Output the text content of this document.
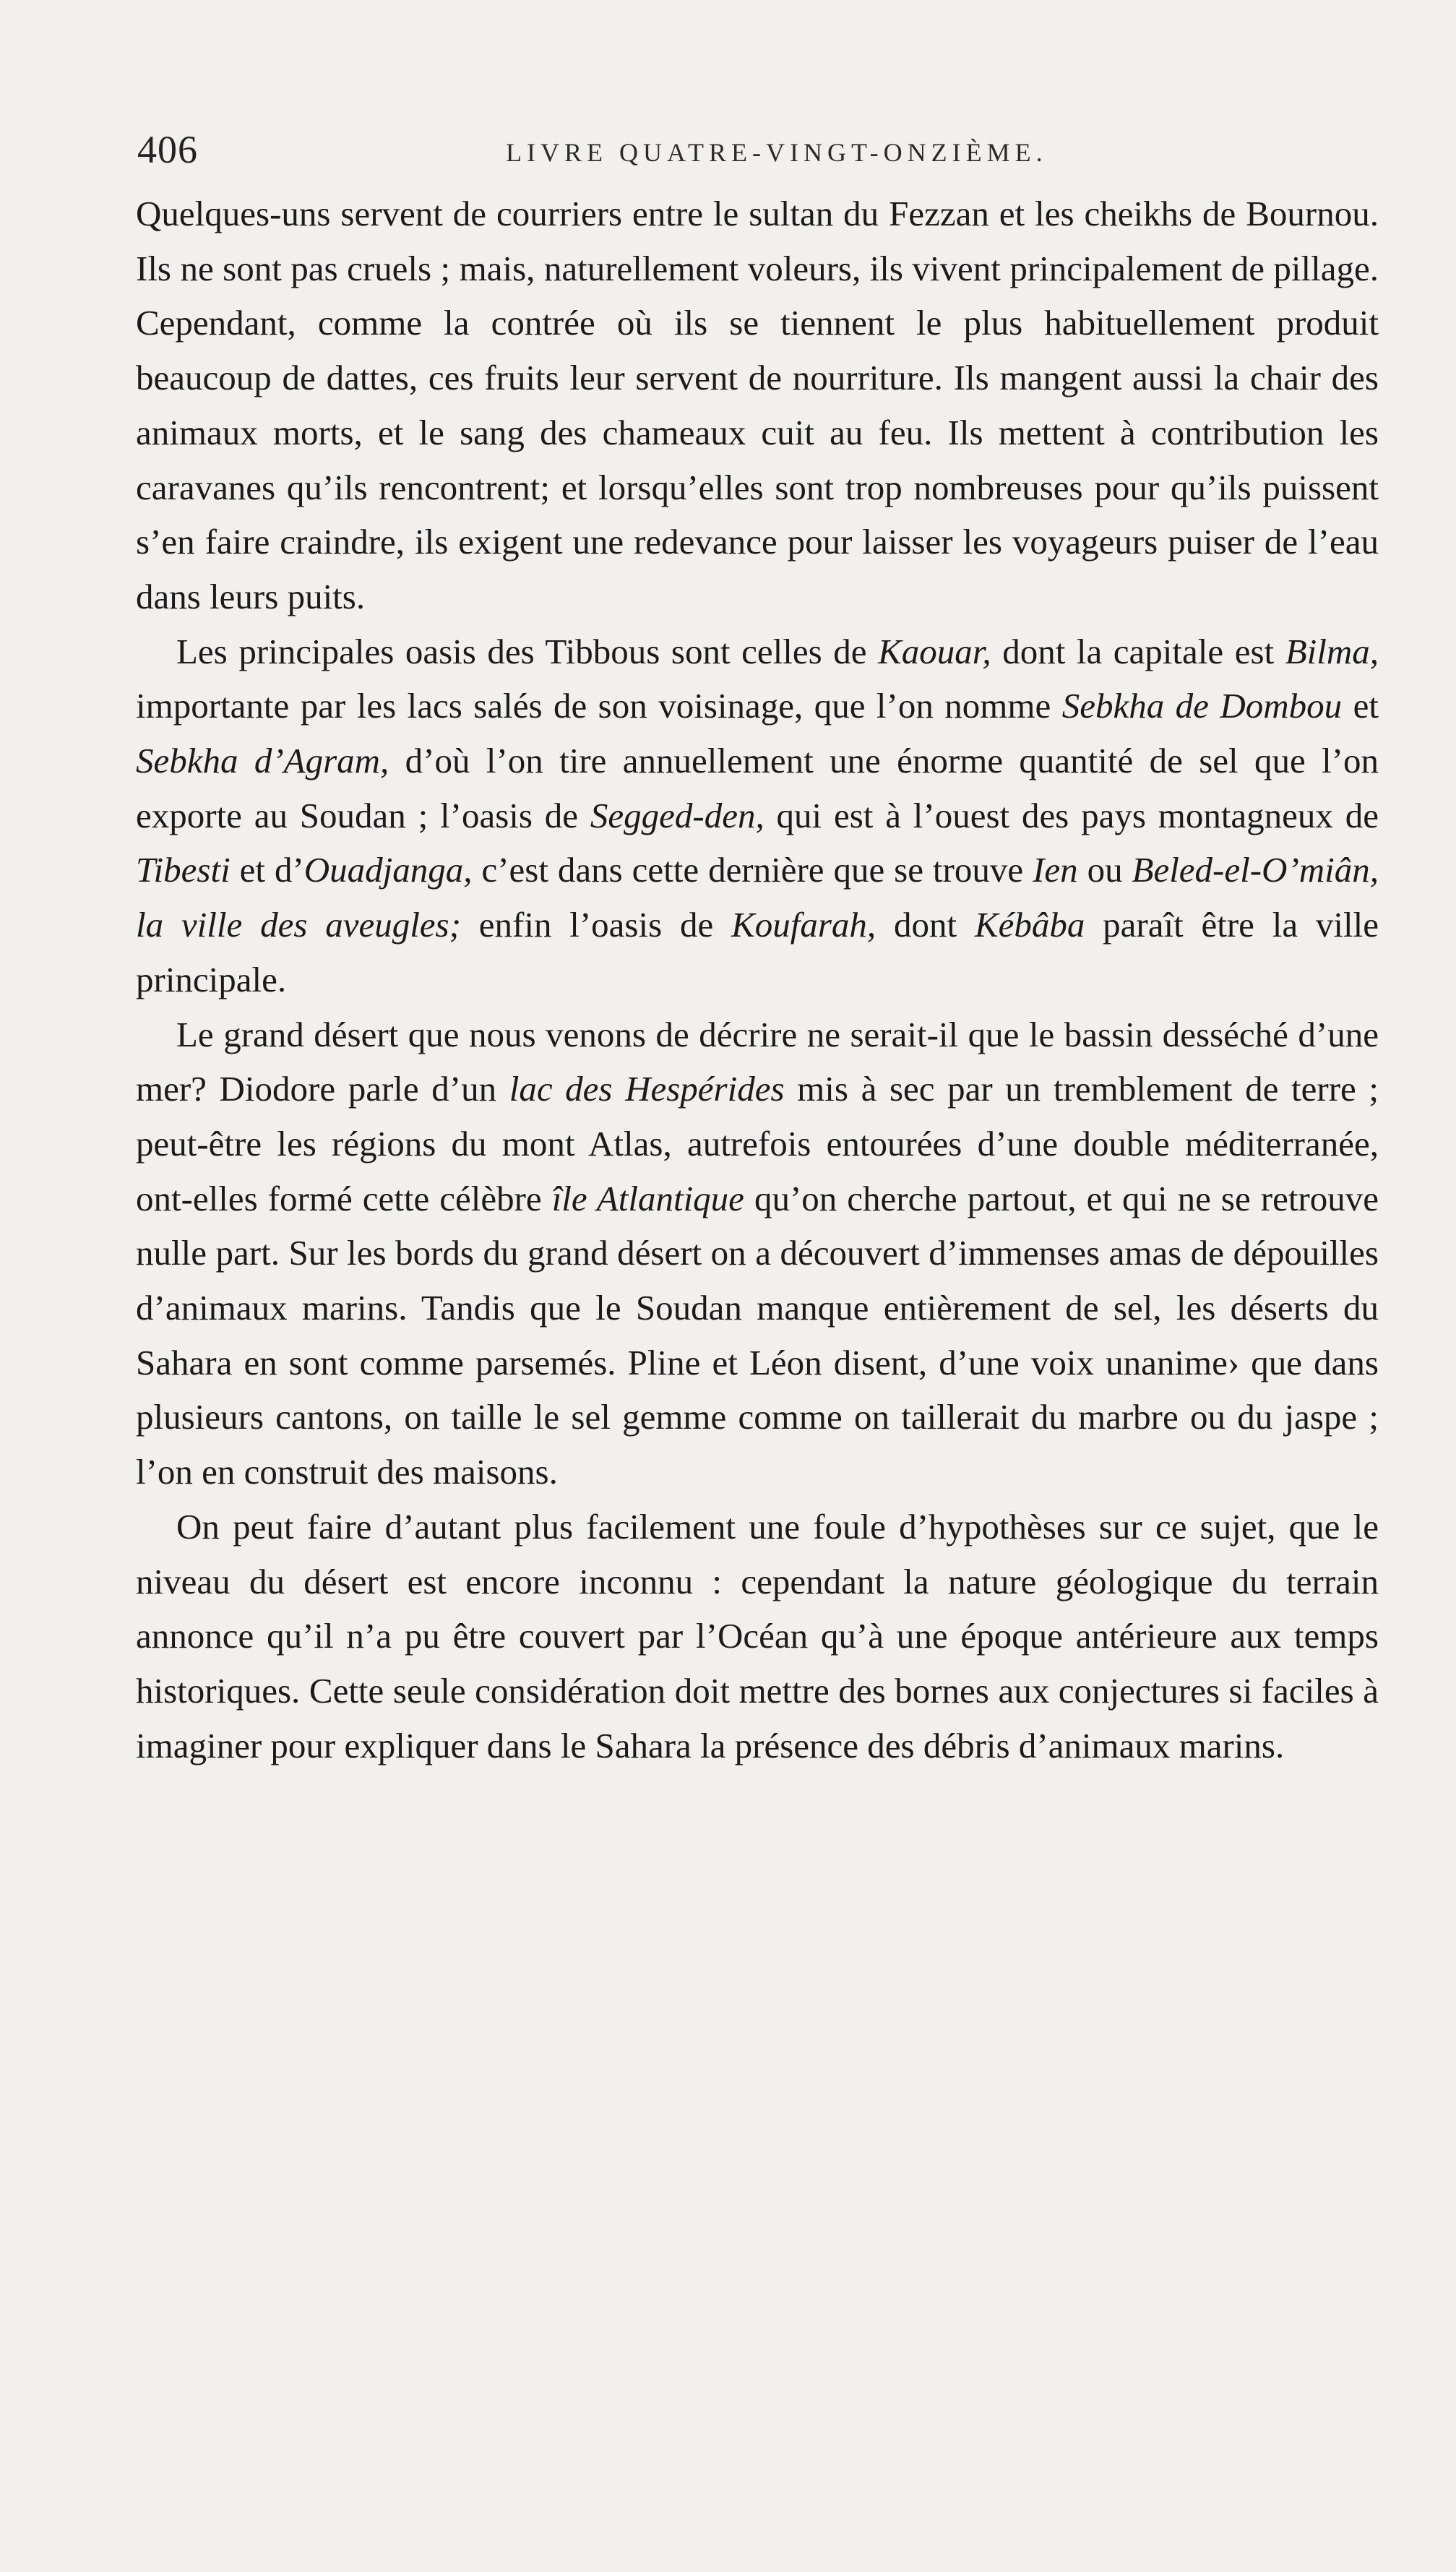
406	LIVRE QUATRE-VINGT-ONZIÈME.

Quelques-uns servent de courriers entre le sultan du Fezzan et les cheikhs de Bournou. Ils ne sont pas cruels ; mais, naturellement voleurs, ils vivent principalement de pillage. Cependant, comme la contrée où ils se tiennent le plus habituellement produit beaucoup de dattes, ces fruits leur servent de nourriture. Ils mangent aussi la chair des animaux morts, et le sang des chameaux cuit au feu. Ils mettent à contribution les caravanes qu’ils rencontrent; et lorsqu’elles sont trop nombreuses pour qu’ils puissent s’en faire craindre, ils exigent une redevance pour laisser les voyageurs puiser de l’eau dans leurs puits.

Les principales oasis des Tibbous sont celles de Kaouar, dont la capitale est Bilma, importante par les lacs salés de son voisinage, que l’on nomme Sebkha de Dombou et Sebkha d’Agram, d’où l’on tire annuellement une énorme quantité de sel que l’on exporte au Soudan ; l’oasis de Segged-den, qui est à l’ouest des pays montagneux de Tibesti et d’Ouadjanga, c’est dans cette dernière que se trouve Ien ou Beled-el-O’miân, la ville des aveugles; enfin l’oasis de Koufarah, dont Kébâba paraît être la ville principale.

Le grand désert que nous venons de décrire ne serait-il que le bassin desséché d’une mer? Diodore parle d’un lac des Hespérides mis à sec par un tremblement de terre ; peut-être les régions du mont Atlas, autrefois entourées d’une double méditerranée, ont-elles formé cette célèbre île Atlantique qu’on cherche partout, et qui ne se retrouve nulle part. Sur les bords du grand désert on a découvert d’immenses amas de dépouilles d’animaux marins. Tandis que le Soudan manque entièrement de sel, les déserts du Sahara en sont comme parsemés. Pline et Léon disent, d’une voix unanime› que dans plusieurs cantons, on taille le sel gemme comme on taillerait du marbre ou du jaspe ; l’on en construit des maisons.

On peut faire d’autant plus facilement une foule d’hypothèses sur ce sujet, que le niveau du désert est encore inconnu : cependant la nature géologique du terrain annonce qu’il n’a pu être couvert par l’Océan qu’à une époque antérieure aux temps historiques. Cette seule considération doit mettre des bornes aux conjectures si faciles à imaginer pour expliquer dans le Sahara la présence des débris d’animaux marins.
